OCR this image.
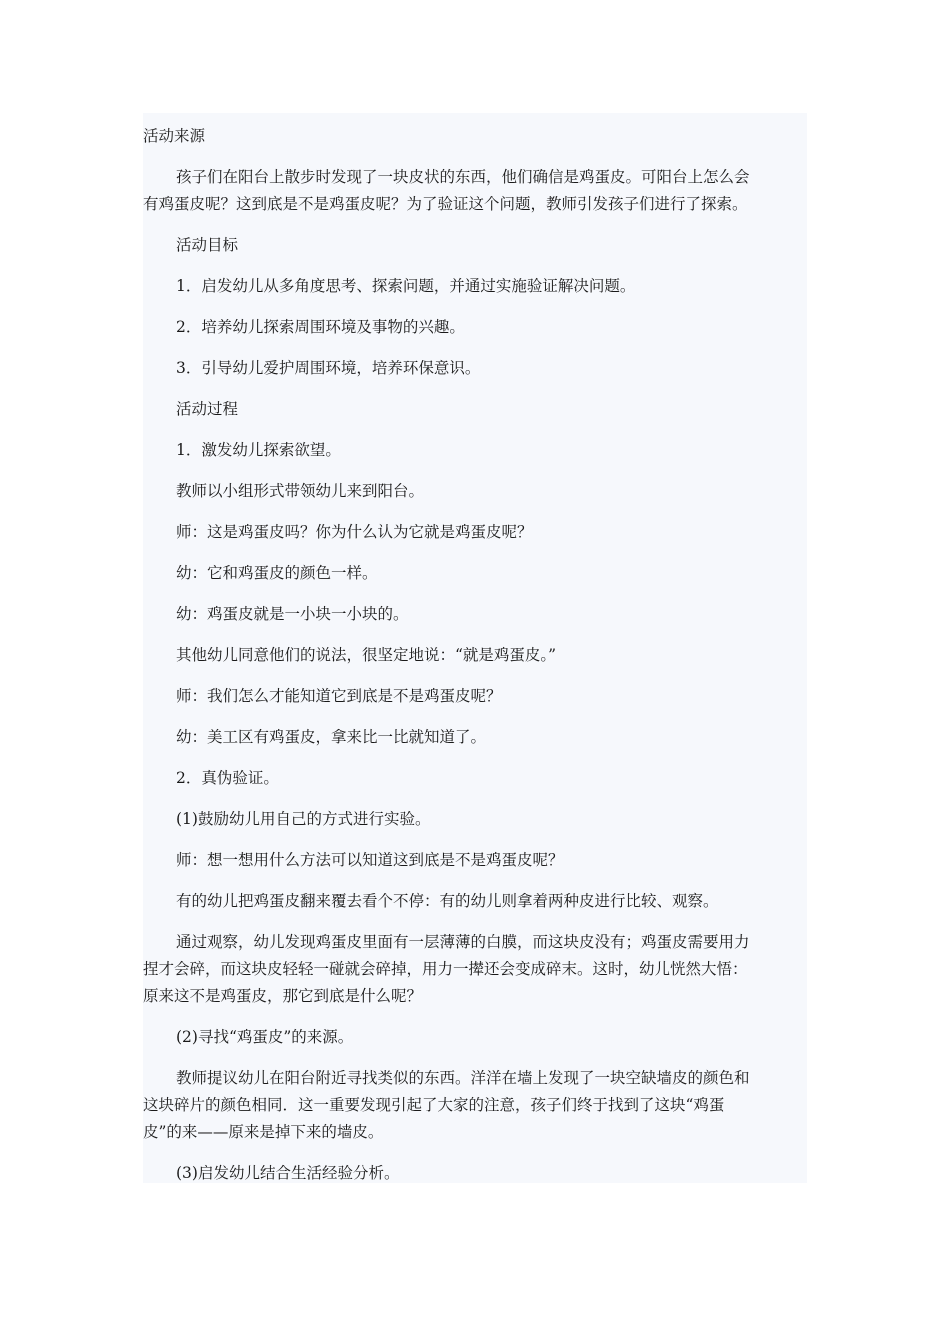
活动来源

孩子们在阳台上散步时发现了一块皮状的东西，他们确信是鸡蛋皮。可阳台上怎么会

有鸡蛋皮呢？这到底是不是鸡蛋皮呢？为了验证这个问题，教师引发孩子们进行了探索。

活动目标

1．启发幼儿从多角度思考、探索问题，并通过实施验证解决问题。

2．培养幼儿探索周围环境及事物的兴趣。

3．引导幼儿爱护周围环境，培养环保意识。

活动过程

1．激发幼儿探索欲望。

教师以小组形式带领幼儿来到阳台。

师：这是鸡蛋皮吗？你为什么认为它就是鸡蛋皮呢？

幼：它和鸡蛋皮的颜色一样。

幼：鸡蛋皮就是一小块一小块的。

其他幼儿同意他们的说法，很坚定地说：“就是鸡蛋皮。”

师：我们怎么才能知道它到底是不是鸡蛋皮呢？

幼：美工区有鸡蛋皮，拿来比一比就知道了。

2．真伪验证。

(1)鼓励幼儿用自己的方式进行实验。

师：想一想用什么方法可以知道这到底是不是鸡蛋皮呢？

有的幼儿把鸡蛋皮翻来覆去看个不停：有的幼儿则拿着两种皮进行比较、观察。

通过观察，幼儿发现鸡蛋皮里面有一层薄薄的白膜，而这块皮没有；鸡蛋皮需要用力

捏才会碎，而这块皮轻轻一碰就会碎掉，用力一撵还会变成碎末。这时，幼儿恍然大悟：

原来这不是鸡蛋皮，那它到底是什么呢？

(2)寻找“鸡蛋皮”的来源。

教师提议幼儿在阳台附近寻找类似的东西。洋洋在墙上发现了一块空缺墙皮的颜色和

这块碎片的颜色相同．这一重要发现引起了大家的注意，孩子们终于找到了这块“鸡蛋

皮”的来——原来是掉下来的墙皮。

(3)启发幼儿结合生活经验分析。
